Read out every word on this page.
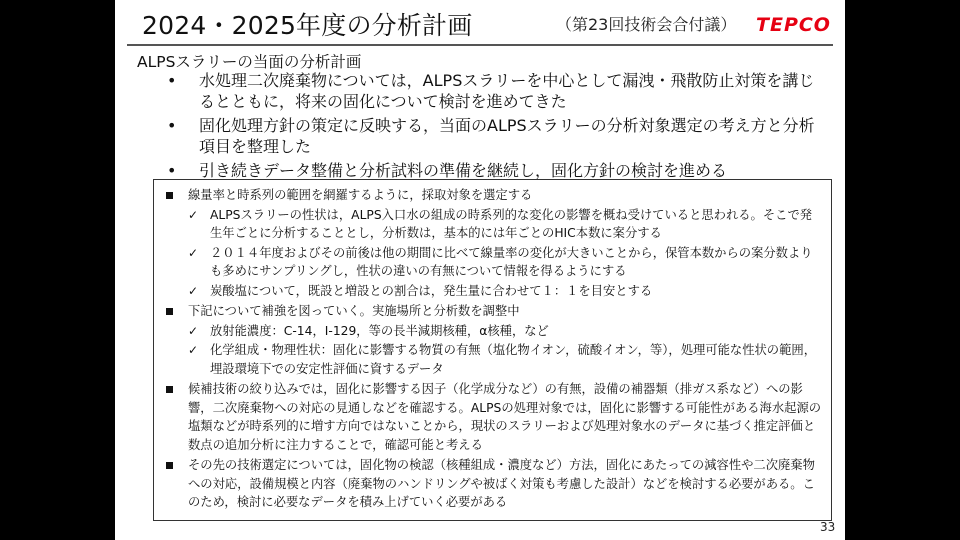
2024・2025年度の分析計画	（第23回技術会合付議） TEPCO
ALPSスラリーの当面の分析計画
• 水処理二次廃棄物については，ALPSスラリーを中心として漏洩・飛散防止対策を講じるとともに，将来の固化について検討を進めてきた
• 固化処理方針の策定に反映する，当面のALPSスラリーの分析対象選定の考え方と分析項目を整理した
• 引き続きデータ整備と分析試料の準備を継続し，固化方針の検討を進める
線量率と時系列の範囲を網羅するように，採取対象を選定する
✓ ALPSスラリーの性状は，ALPS入口水の組成の時系列的な変化の影響を概ね受けていると思われる。そこで発生年ごとに分析することとし，分析数は，基本的には年ごとのHIC本数に案分する
✓ ２０１４年度およびその前後は他の期間に比べて線量率の変化が大きいことから，保管本数からの案分数よりも多めにサンプリングし，性状の違いの有無について情報を得るようにする
✓ 炭酸塩について，既設と増設との割合は，発生量に合わせて１：１を目安とする
下記について補強を図っていく。実施場所と分析数を調整中
✓ 放射能濃度：C-14，I-129，等の長半減期核種，α核種，など
✓ 化学組成・物理性状：固化に影響する物質の有無（塩化物イオン，硫酸イオン，等），処理可能な性状の範囲，埋設環境下での安定性評価に資するデータ
候補技術の絞り込みでは，固化に影響する因子（化学成分など）の有無，設備の補器類（排ガス系など）への影響，二次廃棄物への対応の見通しなどを確認する。ALPSの処理対象では，固化に影響する可能性がある海水起源の塩類などが時系列的に増す方向ではないことから，現状のスラリーおよび処理対象水のデータに基づく推定評価と数点の追加分析に注力することで，確認可能と考える
その先の技術選定については，固化物の検認（核種組成・濃度など）方法，固化にあたっての減容性や二次廃棄物への対応，設備規模と内容（廃棄物のハンドリングや被ばく対策も考慮した設計）などを検討する必要がある。このため，検討に必要なデータを積み上げていく必要がある
33
